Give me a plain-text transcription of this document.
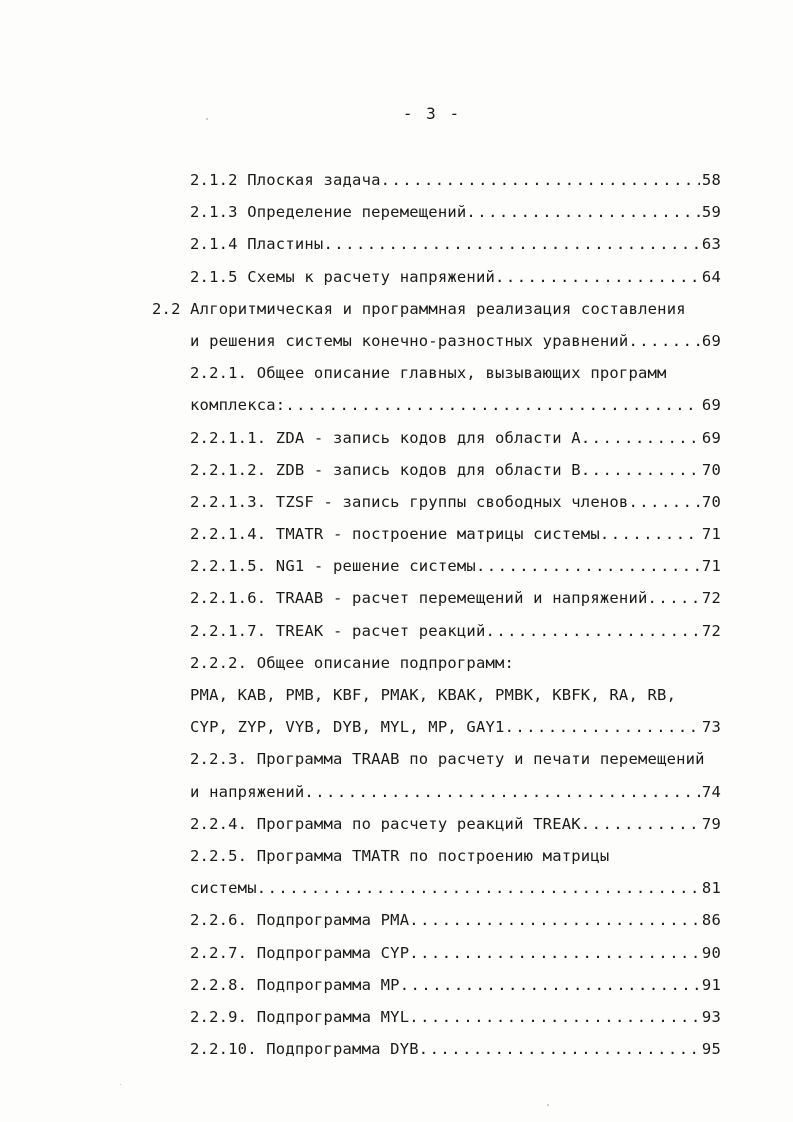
- 3 -
2.1.2 Плоская задача .....	58
2.1.3 Определение перемещений .....	59
2.1.4 Пластины .....	63
2.1.5 Схемы к расчету напряжений .....	64
2.2 Алгоритмическая и программная реализация составления
и решения системы конечно-разностных уравнений .....	69
2.2.1. Общее описание главных, вызывающих программ
комплекса: .....	69
2.2.1.1. ZDA - запись кодов для области A .....	69
2.2.1.2. ZDB - запись кодов для области B .....	70
2.2.1.3. TZSF - запись группы свободных членов .....	70
2.2.1.4. TMATR - построение матрицы системы .....	71
2.2.1.5. NG1 - решение системы .....	71
2.2.1.6. TRAAB - расчет перемещений и напряжений .....	72
2.2.1.7. TREAK - расчет реакций .....	72
2.2.2. Общее описание подпрограмм:
PMA, KAB, PMB, KBF, PMAK, KBAK, PMBK, KBFK, RA, RB,
CYP, ZYP, VYB, DYB, MYL, MP, GAY1 .....	73
2.2.3. Программа TRAAB по расчету и печати перемещений
и напряжений .....	74
2.2.4. Программа по расчету реакций TREAK .....	79
2.2.5. Программа TMATR по построению матрицы
системы .....	81
2.2.6. Подпрограмма PMA .....	86
2.2.7. Подпрограмма CYP .....	90
2.2.8. Подпрограмма MP .....	91
2.2.9. Подпрограмма MYL .....	93
2.2.10. Подпрограмма DYB .....	95
